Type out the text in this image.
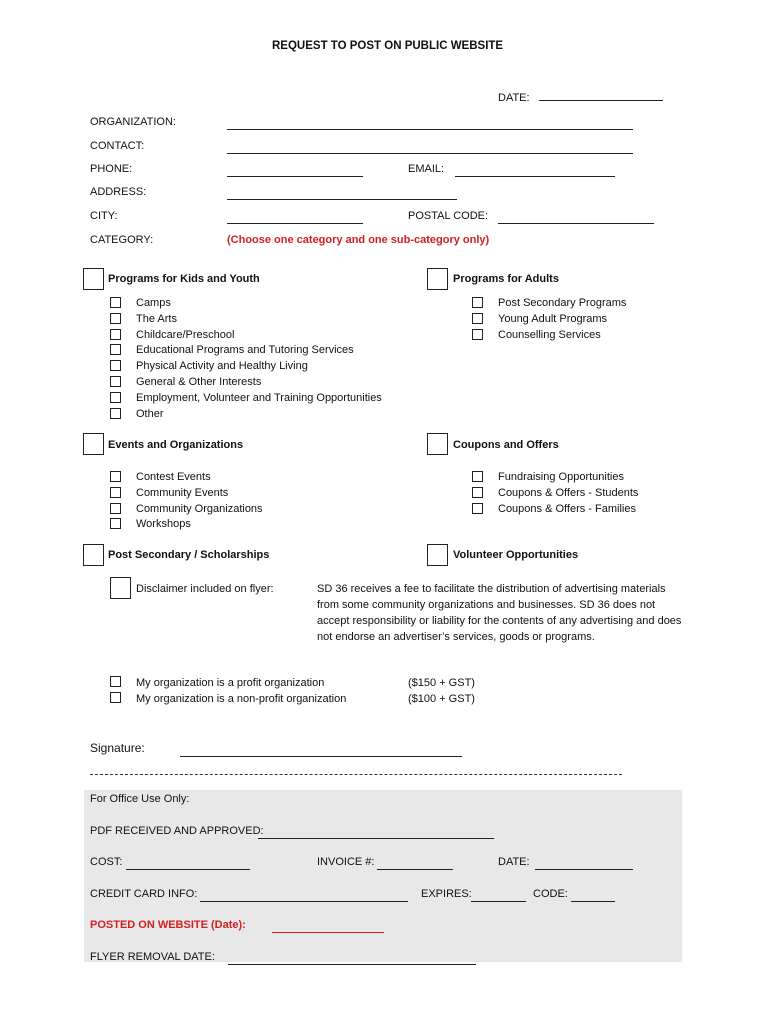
REQUEST TO POST ON PUBLIC WEBSITE
DATE:
ORGANIZATION:
CONTACT:
PHONE:	EMAIL:
ADDRESS:
CITY:	POSTAL CODE:
CATEGORY:	(Choose one category and one sub-category only)
Programs for Kids and Youth
Camps
The Arts
Childcare/Preschool
Educational Programs and Tutoring Services
Physical Activity and Healthy Living
General & Other Interests
Employment, Volunteer and Training Opportunities
Other
Programs for Adults
Post Secondary Programs
Young Adult Programs
Counselling Services
Events and Organizations
Contest Events
Community Events
Community Organizations
Workshops
Coupons and Offers
Fundraising Opportunities
Coupons & Offers - Students
Coupons & Offers - Families
Post Secondary / Scholarships	Volunteer Opportunities
Disclaimer included on flyer:	SD 36 receives a fee to facilitate the distribution of advertising materials from some community organizations and businesses. SD 36 does not accept responsibility or liability for the contents of any advertising and does not endorse an advertiser’s services, goods or programs.
My organization is a profit organization	($150 + GST)
My organization is a non-profit organization	($100 + GST)
Signature:
For Office Use Only:
PDF RECEIVED AND APPROVED:
COST:	INVOICE #:	DATE:
CREDIT CARD INFO:	EXPIRES:	CODE:
POSTED ON WEBSITE (Date):
FLYER REMOVAL DATE:
